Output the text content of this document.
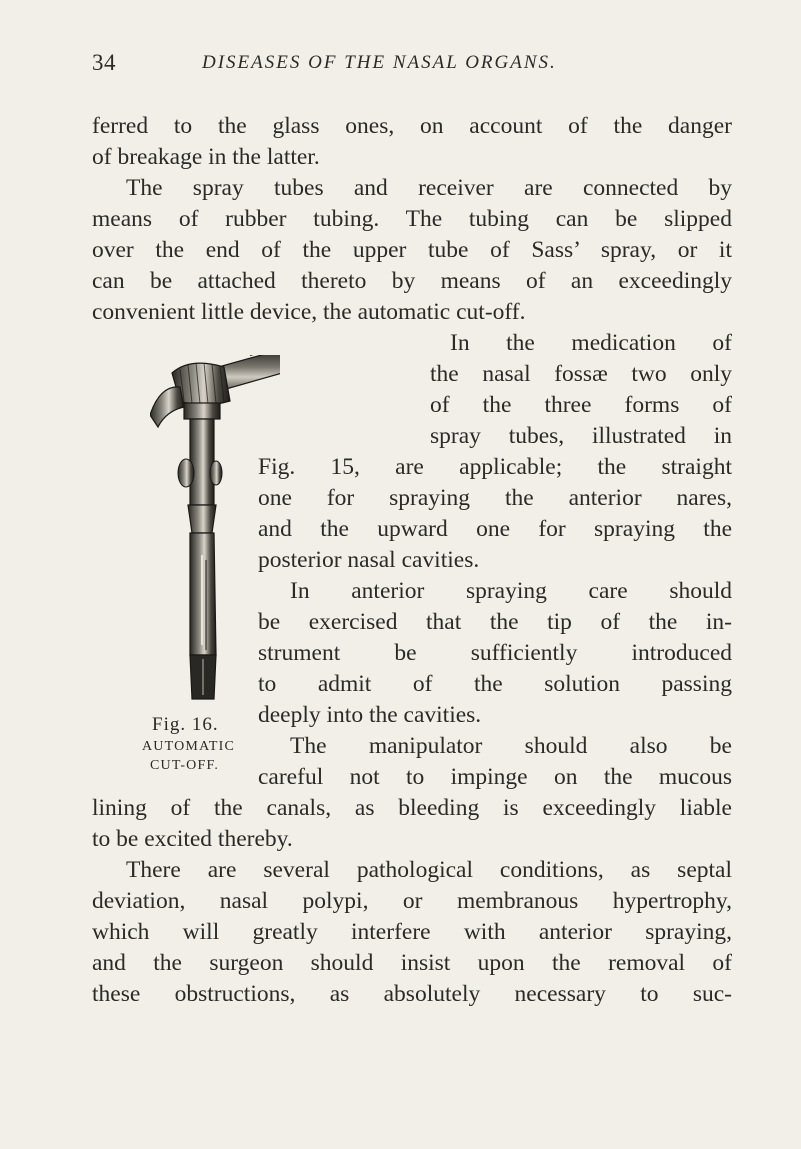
34	DISEASES OF THE NASAL ORGANS.
ferred to the glass ones, on account of the danger
of breakage in the latter.
The spray tubes and receiver are connected by
means of rubber tubing. The tubing can be slipped
over the end of the upper tube of Sass’ spray, or it
can be attached thereto by means of an exceedingly
convenient little device, the automatic cut-off.
In the medication of
the nasal fossæ two only
of the three forms of
spray tubes, illustrated in
Fig. 15, are applicable; the straight
one for spraying the anterior nares,
and the upward one for spraying the
posterior nasal cavities.
In anterior spraying care should
be exercised that the tip of the in-
strument be sufficiently introduced
to admit of the solution passing
deeply into the cavities.
The manipulator should also be
careful not to impinge on the mucous
lining of the canals, as bleeding is exceedingly liable
to be excited thereby.
There are several pathological conditions, as septal
deviation, nasal polypi, or membranous hypertrophy,
which will greatly interfere with anterior spraying,
and the surgeon should insist upon the removal of
these obstructions, as absolutely necessary to suc-
Fig. 16.
AUTOMATIC
CUT-OFF.
